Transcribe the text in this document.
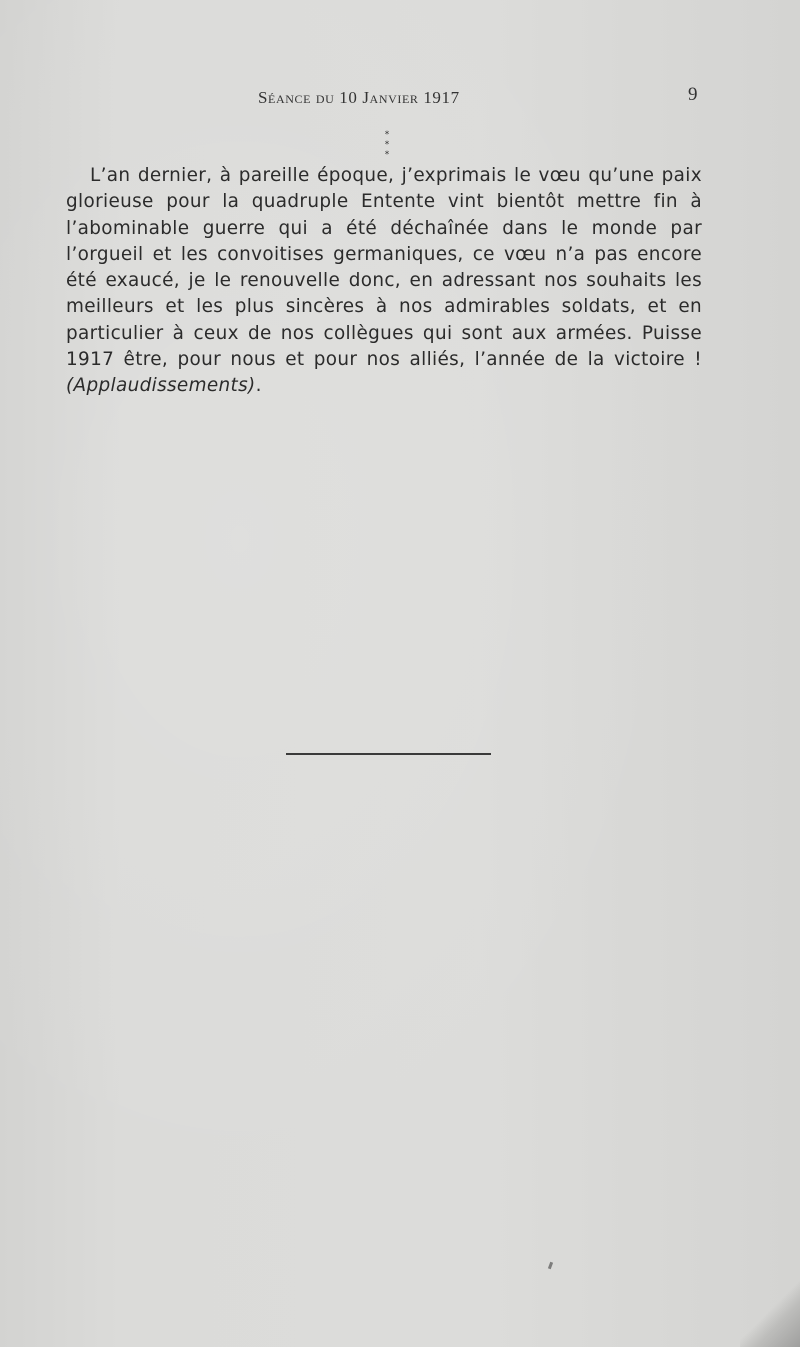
Séance du 10 Janvier 1917	9
*
* *

L’an dernier, à pareille époque, j’exprimais le vœu qu’une paix glorieuse pour la quadruple Entente vint bientôt mettre fin à l’abominable guerre qui a été déchaînée dans le monde par l’orgueil et les convoitises germaniques, ce vœu n’a pas encore été exaucé, je le renouvelle donc, en adressant nos souhaits les meilleurs et les plus sincères à nos admirables soldats, et en particulier à ceux de nos collègues qui sont aux armées. Puisse 1917 être, pour nous et pour nos alliés, l’année de la victoire ! (Applaudissements).
